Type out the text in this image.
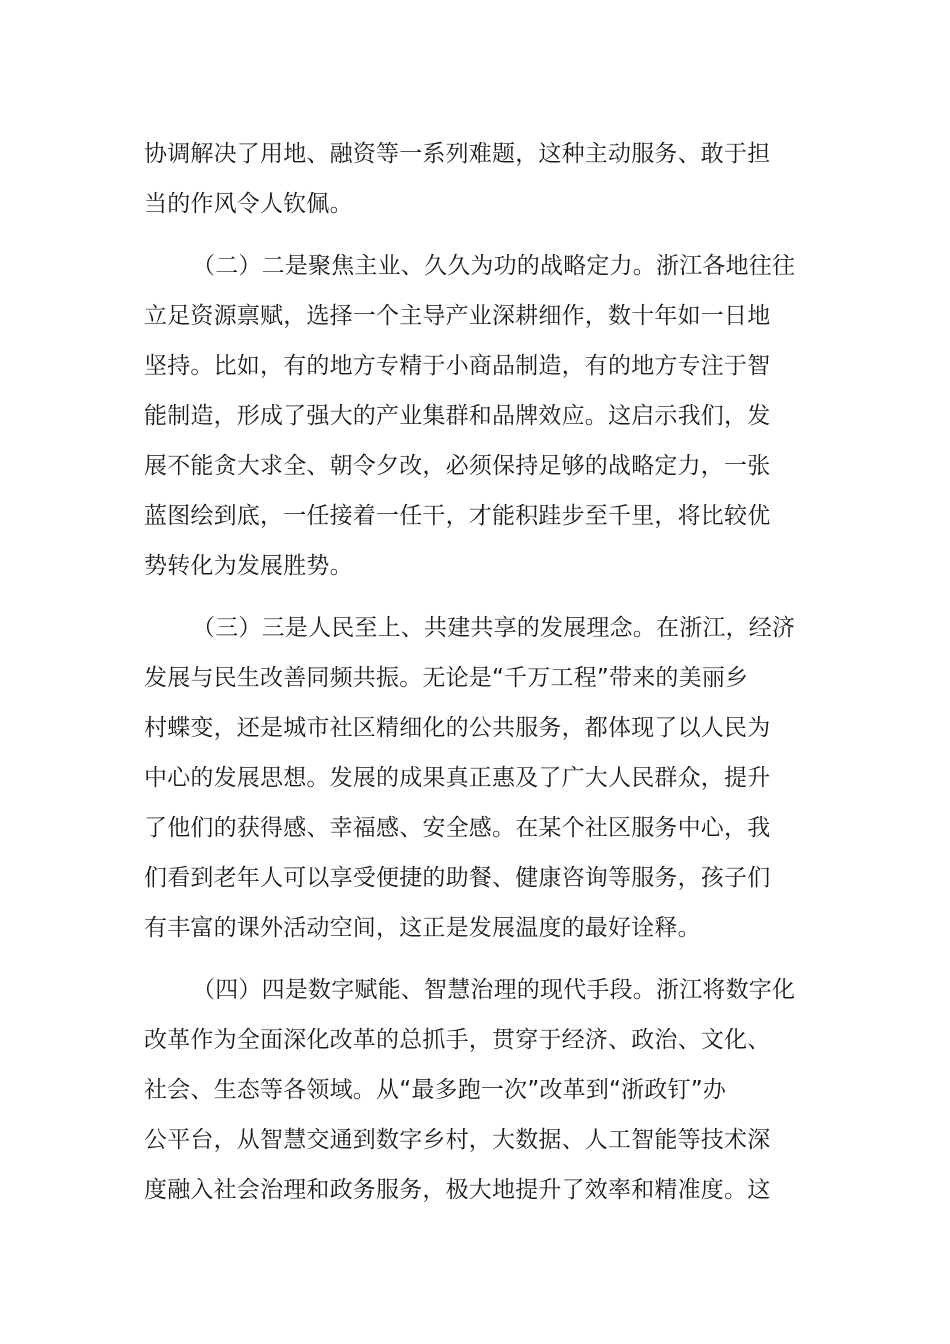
协调解决了用地、融资等一系列难题，这种主动服务、敢于担
当的作风令人钦佩。
（二）二是聚焦主业、久久为功的战略定力。浙江各地往往
立足资源禀赋，选择一个主导产业深耕细作，数十年如一日地
坚持。比如，有的地方专精于小商品制造，有的地方专注于智
能制造，形成了强大的产业集群和品牌效应。这启示我们，发
展不能贪大求全、朝令夕改，必须保持足够的战略定力，一张
蓝图绘到底，一任接着一任干，才能积跬步至千里，将比较优
势转化为发展胜势。
（三）三是人民至上、共建共享的发展理念。在浙江，经济
发展与民生改善同频共振。无论是“千万工程”带来的美丽乡
村蝶变，还是城市社区精细化的公共服务，都体现了以人民为
中心的发展思想。发展的成果真正惠及了广大人民群众，提升
了他们的获得感、幸福感、安全感。在某个社区服务中心，我
们看到老年人可以享受便捷的助餐、健康咨询等服务，孩子们
有丰富的课外活动空间，这正是发展温度的最好诠释。
（四）四是数字赋能、智慧治理的现代手段。浙江将数字化
改革作为全面深化改革的总抓手，贯穿于经济、政治、文化、
社会、生态等各领域。从“最多跑一次”改革到“浙政钉”办
公平台，从智慧交通到数字乡村，大数据、人工智能等技术深
度融入社会治理和政务服务，极大地提升了效率和精准度。这
